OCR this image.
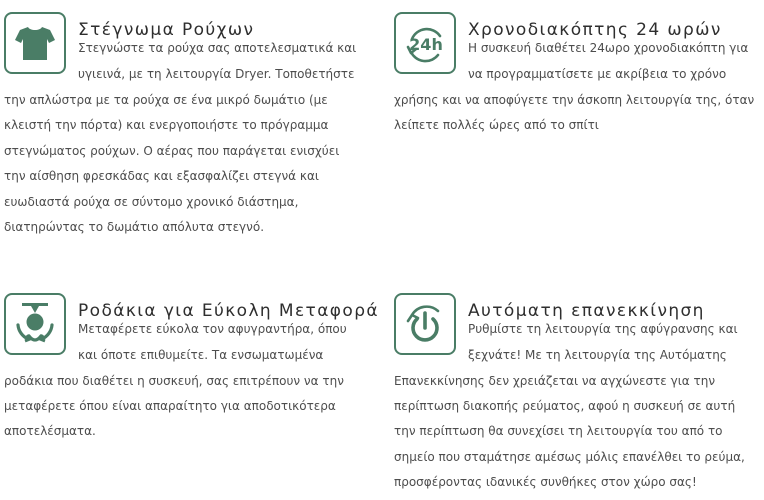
Στέγνωμα Ρούχων
Στεγνώστε τα ρούχα σας αποτελεσματικά και
υγιεινά, με τη λειτουργία Dryer. Τοποθετήστε
την απλώστρα με τα ρούχα σε ένα μικρό δωμάτιο (με
κλειστή την πόρτα) και ενεργοποιήστε το πρόγραμμα
στεγνώματος ρούχων. Ο αέρας που παράγεται ενισχύει
την αίσθηση φρεσκάδας και εξασφαλίζει στεγνά και
ευωδιαστά ρούχα σε σύντομο χρονικό διάστημα,
διατηρώντας το δωμάτιο απόλυτα στεγνό.
24h
Χρονοδιακόπτης 24 ωρών
Η συσκευή διαθέτει 24ωρο χρονοδιακόπτη για
να προγραμματίσετε με ακρίβεια το χρόνο
χρήσης και να αποφύγετε την άσκοπη λειτουργία της, όταν
λείπετε πολλές ώρες από το σπίτι
Ροδάκια για Εύκολη Μεταφορά
Μεταφέρετε εύκολα τον αφυγραντήρα, όπου
και όποτε επιθυμείτε. Τα ενσωματωμένα
ροδάκια που διαθέτει η συσκευή, σας επιτρέπουν να την
μεταφέρετε όπου είναι απαραίτητο για αποδοτικότερα
αποτελέσματα.
Αυτόματη επανεκκίνηση
Ρυθμίστε τη λειτουργία της αφύγρανσης και
ξεχνάτε! Με τη λειτουργία της Αυτόματης
Επανεκκίνησης δεν χρειάζεται να αγχώνεστε για την
περίπτωση διακοπής ρεύματος, αφού η συσκευή σε αυτή
την περίπτωση θα συνεχίσει τη λειτουργία του από το
σημείο που σταμάτησε αμέσως μόλις επανέλθει το ρεύμα,
προσφέροντας ιδανικές συνθήκες στον χώρο σας!
